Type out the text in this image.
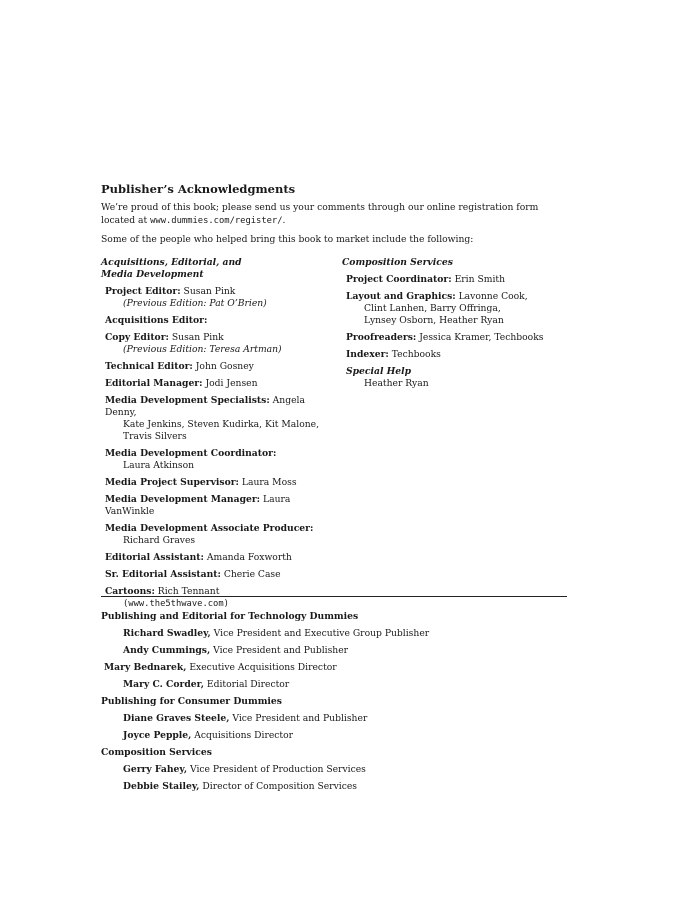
Publisher’s Acknowledgments

We’re proud of this book; please send us your comments through our online registration form located at www.dummies.com/register/.

Some of the people who helped bring this book to market include the following:

Acquisitions, Editorial, and
Media Development
Project Editor: Susan Pink
(Previous Edition: Pat O’Brien)
Acquisitions Editor:
Copy Editor: Susan Pink
(Previous Edition: Teresa Artman)
Technical Editor: John Gosney
Editorial Manager: Jodi Jensen
Media Development Specialists: Angela Denny,
Kate Jenkins, Steven Kudirka, Kit Malone,
Travis Silvers
Media Development Coordinator:
Laura Atkinson
Media Project Supervisor: Laura Moss
Media Development Manager: Laura VanWinkle
Media Development Associate Producer:
Richard Graves
Editorial Assistant: Amanda Foxworth
Sr. Editorial Assistant: Cherie Case
Cartoons: Rich Tennant
(www.the5thwave.com)
Composition Services
Project Coordinator: Erin Smith
Layout and Graphics: Lavonne Cook,
Clint Lanhen, Barry Offringa,
Lynsey Osborn, Heather Ryan
Proofreaders: Jessica Kramer, Techbooks
Indexer: Techbooks
Special Help
Heather Ryan
Publishing and Editorial for Technology Dummies
Richard Swadley, Vice President and Executive Group Publisher
Andy Cummings, Vice President and Publisher
Mary Bednarek, Executive Acquisitions Director
Mary C. Corder, Editorial Director
Publishing for Consumer Dummies
Diane Graves Steele, Vice President and Publisher
Joyce Pepple, Acquisitions Director
Composition Services
Gerry Fahey, Vice President of Production Services
Debbie Stailey, Director of Composition Services
